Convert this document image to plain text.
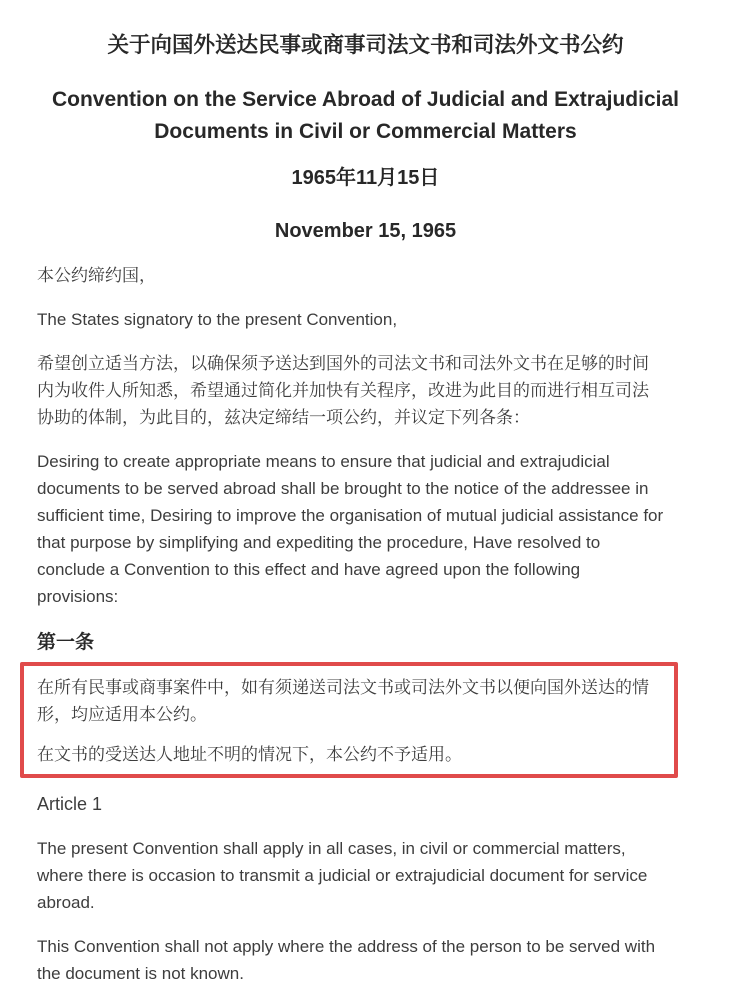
关于向国外送达民事或商事司法文书和司法外文书公约
Convention on the Service Abroad of Judicial and Extrajudicial
Documents in Civil or Commercial Matters

1965年11月15日

November 15, 1965

本公约缔约国，

The States signatory to the present Convention,

希望创立适当方法，以确保须予送达到国外的司法文书和司法外文书在足够的时间内为收件人所知悉，希望通过简化并加快有关程序，改进为此目的而进行相互司法协助的体制，为此目的，兹决定缔结一项公约，并议定下列各条：

Desiring to create appropriate means to ensure that judicial and extrajudicial documents to be served abroad shall be brought to the notice of the addressee in sufficient time, Desiring to improve the organisation of mutual judicial assistance for that purpose by simplifying and expediting the procedure, Have resolved to conclude a Convention to this effect and have agreed upon the following provisions:

第一条

在所有民事或商事案件中，如有须递送司法文书或司法外文书以便向国外送达的情形，均应适用本公约。

在文书的受送达人地址不明的情况下，本公约不予适用。

Article 1

The present Convention shall apply in all cases, in civil or commercial matters, where there is occasion to transmit a judicial or extrajudicial document for service abroad.

This Convention shall not apply where the address of the person to be served with the document is not known.
